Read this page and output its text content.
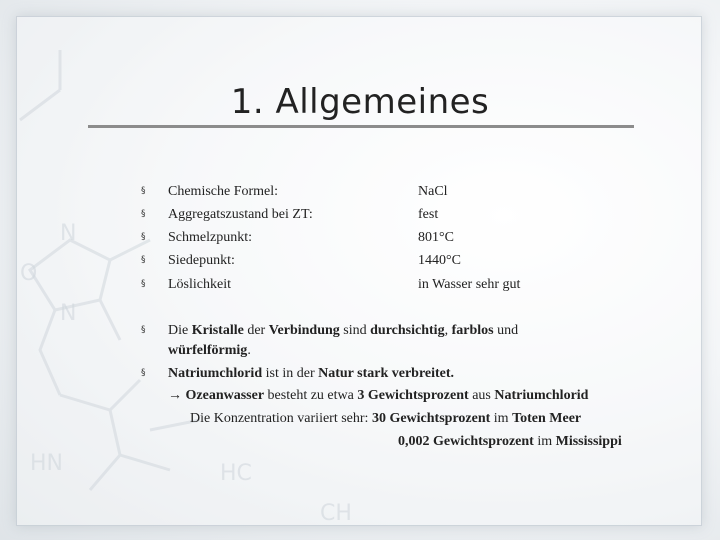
N
O
HN	HC
N
CH
1. Allgemeines
§ Chemische Formel:	NaCl
§ Aggregatszustand bei ZT:	fest
§ Schmelzpunkt:	801°C
§ Siedepunkt:	1440°C
§ Löslichkeit	in Wasser sehr gut
§ Die Kristalle der Verbindung sind durchsichtig, farblos und
würfelförmig.
§ Natriumchlorid ist in der Natur stark verbreitet.
→ Ozeanwasser besteht zu etwa 3 Gewichtsprozent aus Natriumchlorid
Die Konzentration variiert sehr: 30 Gewichtsprozent im Toten Meer
0,002 Gewichtsprozent im Mississippi
